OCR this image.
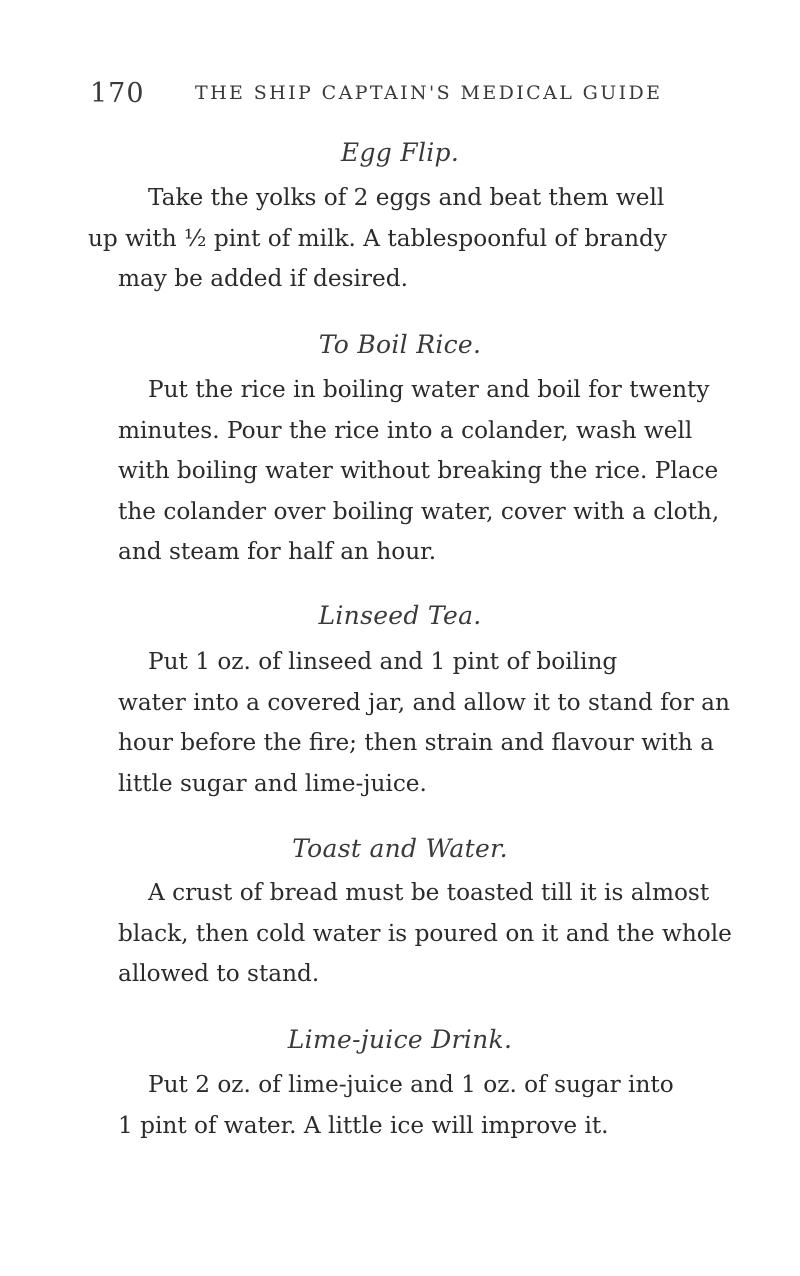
170	THE SHIP CAPTAIN'S MEDICAL GUIDE
Egg Flip.
Take the yolks of 2 eggs and beat them well
up with ½ pint of milk. A tablespoonful of brandy
may be added if desired.
To Boil Rice.
Put the rice in boiling water and boil for twenty
minutes. Pour the rice into a colander, wash well
with boiling water without breaking the rice. Place
the colander over boiling water, cover with a cloth,
and steam for half an hour.
Linseed Tea.
Put 1 oz. of linseed and 1 pint of boiling
water into a covered jar, and allow it to stand for an
hour before the fire; then strain and flavour with a
little sugar and lime-juice.
Toast and Water.
A crust of bread must be toasted till it is almost
black, then cold water is poured on it and the whole
allowed to stand.
Lime-juice Drink.
Put 2 oz. of lime-juice and 1 oz. of sugar into
1 pint of water. A little ice will improve it.
